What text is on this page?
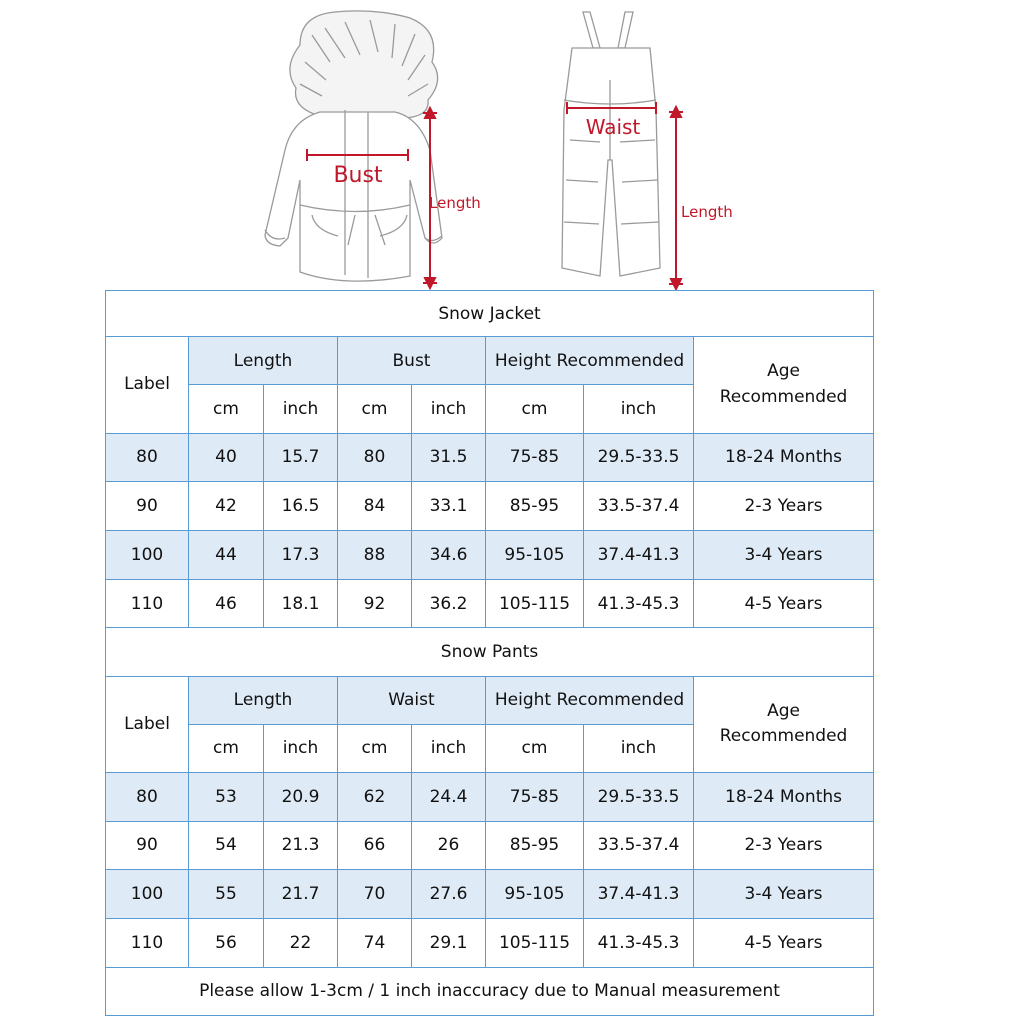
Bust
Length
Waist
Length
Snow Jacket							
Label	Length		Bust		Height Recommended		Age
Recommended

	cm	inch	cm	inch	cm	inch	
80	40	15.7	80	31.5	75-85	29.5-33.5	18-24 Months
90	42	16.5	84	33.1	85-95	33.5-37.4	2-3 Years
100	44	17.3	88	34.6	95-105	37.4-41.3	3-4 Years
110	46	18.1	92	36.2	105-115	41.3-45.3	4-5 Years
Snow Pants							
Label	Length		Waist		Height Recommended		Age
Recommended

	cm	inch	cm	inch	cm	inch	
80	53	20.9	62	24.4	75-85	29.5-33.5	18-24 Months
90	54	21.3	66	26	85-95	33.5-37.4	2-3 Years
100	55	21.7	70	27.6	95-105	37.4-41.3	3-4 Years
110	56	22	74	29.1	105-115	41.3-45.3	4-5 Years
Please allow 1-3cm / 1 inch inaccuracy due to Manual measurement							
